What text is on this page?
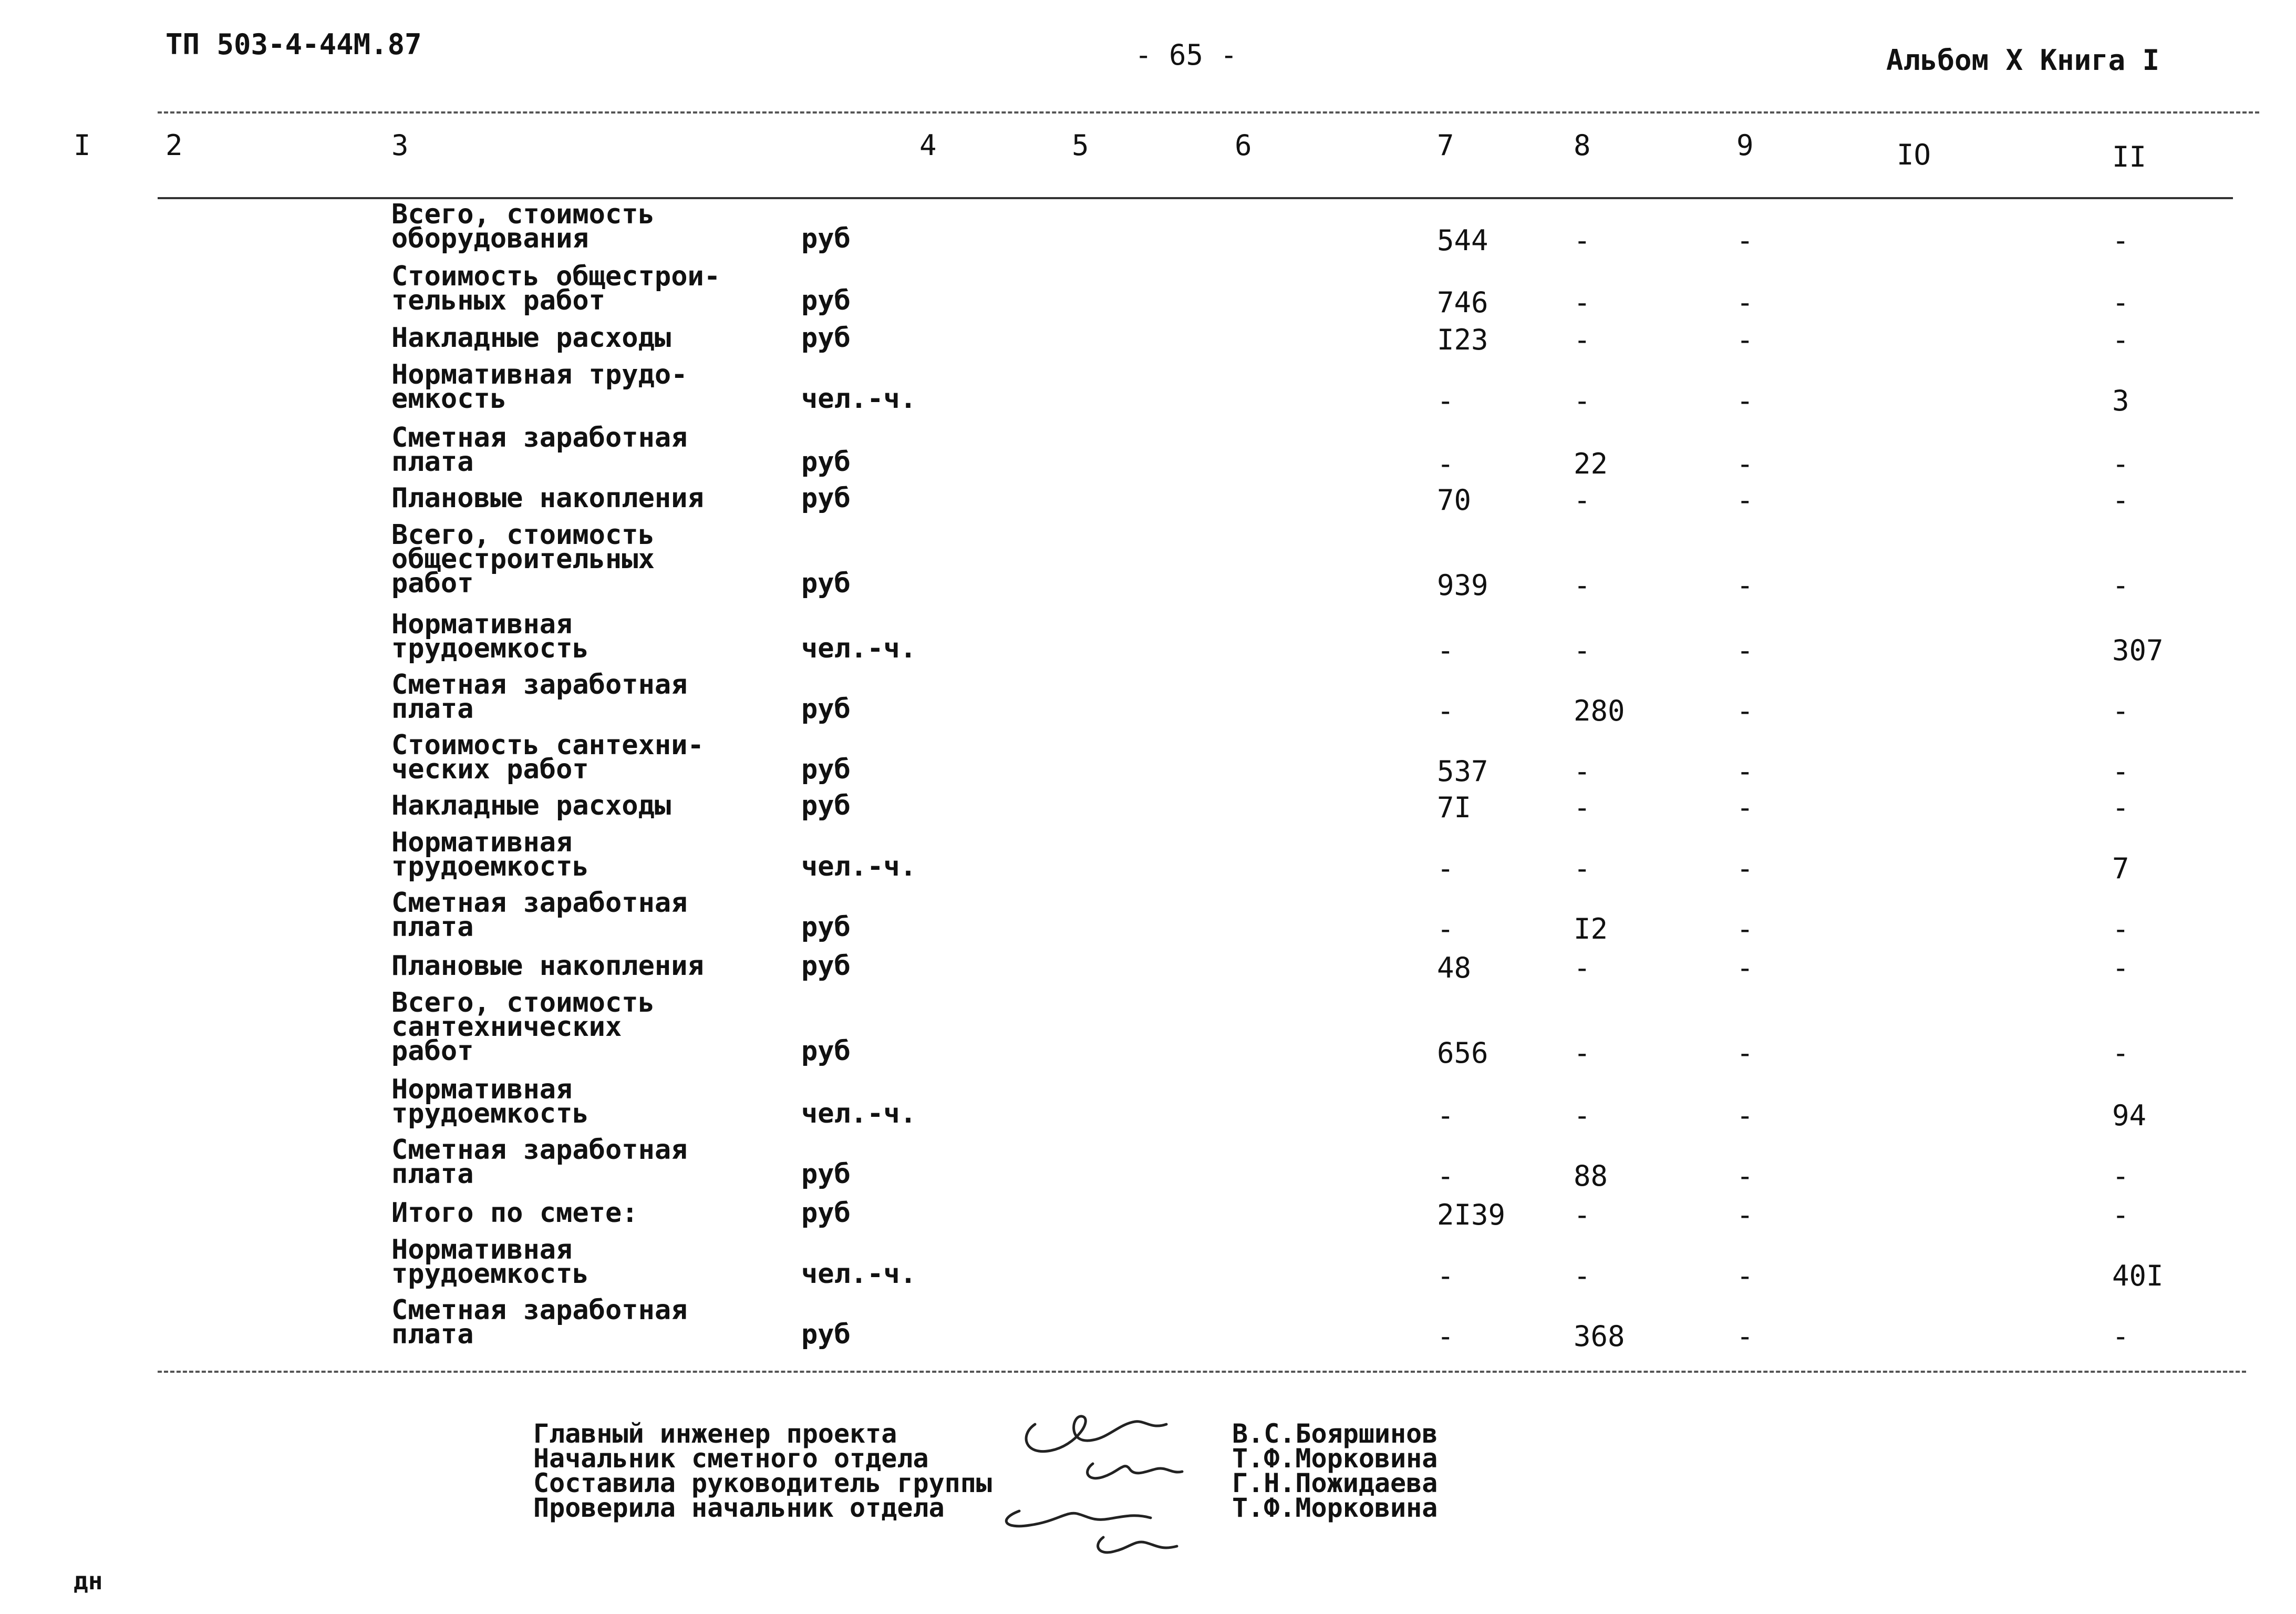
ТП 503-4-44М.87	- 65 -	Альбом Х Книга I
I	2	3	4	5	6	7	8	9	IO	II
Всего, стоимость
оборудования	руб	544	-	-	-
Стоимость общестрои-
тельных работ	руб	746	-	-	-
Накладные расходы	руб	I23	-	-	-
Нормативная трудо-
емкость	чел.-ч.	-	-	-	3
Сметная заработная
плата	руб	-	22	-	-
Плановые накопления	руб	70	-	-	-
Всего, стоимость
общестроительных
работ	руб	939	-	-	-
Нормативная
трудоемкость	чел.-ч.	-	-	-	307
Сметная заработная
плата	руб	-	280	-	-
Стоимость сантехни-
ческих работ	руб	537	-	-	-
Накладные расходы	руб	7I	-	-	-
Нормативная
трудоемкость	чел.-ч.	-	-	-	7
Сметная заработная
плата	руб	-	I2	-	-
Плановые накопления	руб	48	-	-	-
Всего, стоимость
сантехнических
работ	руб	656	-	-	-
Нормативная
трудоемкость	чел.-ч.	-	-	-	94
Сметная заработная
плата	руб	-	88	-	-
Итого по смете:	руб	2I39 -	-	-
Нормативная
трудоемкость	чел.-ч.	-	-	-	40I
Сметная заработная
плата	руб	-	368	-	-
Главный инженер проекта
Начальник сметного отдела
Составила руководитель группы
Проверила начальник отдела
В.С.Бояршинов
Т.Ф.Морковина
Г.Н.Пожидаева
Т.Ф.Морковина
дн
